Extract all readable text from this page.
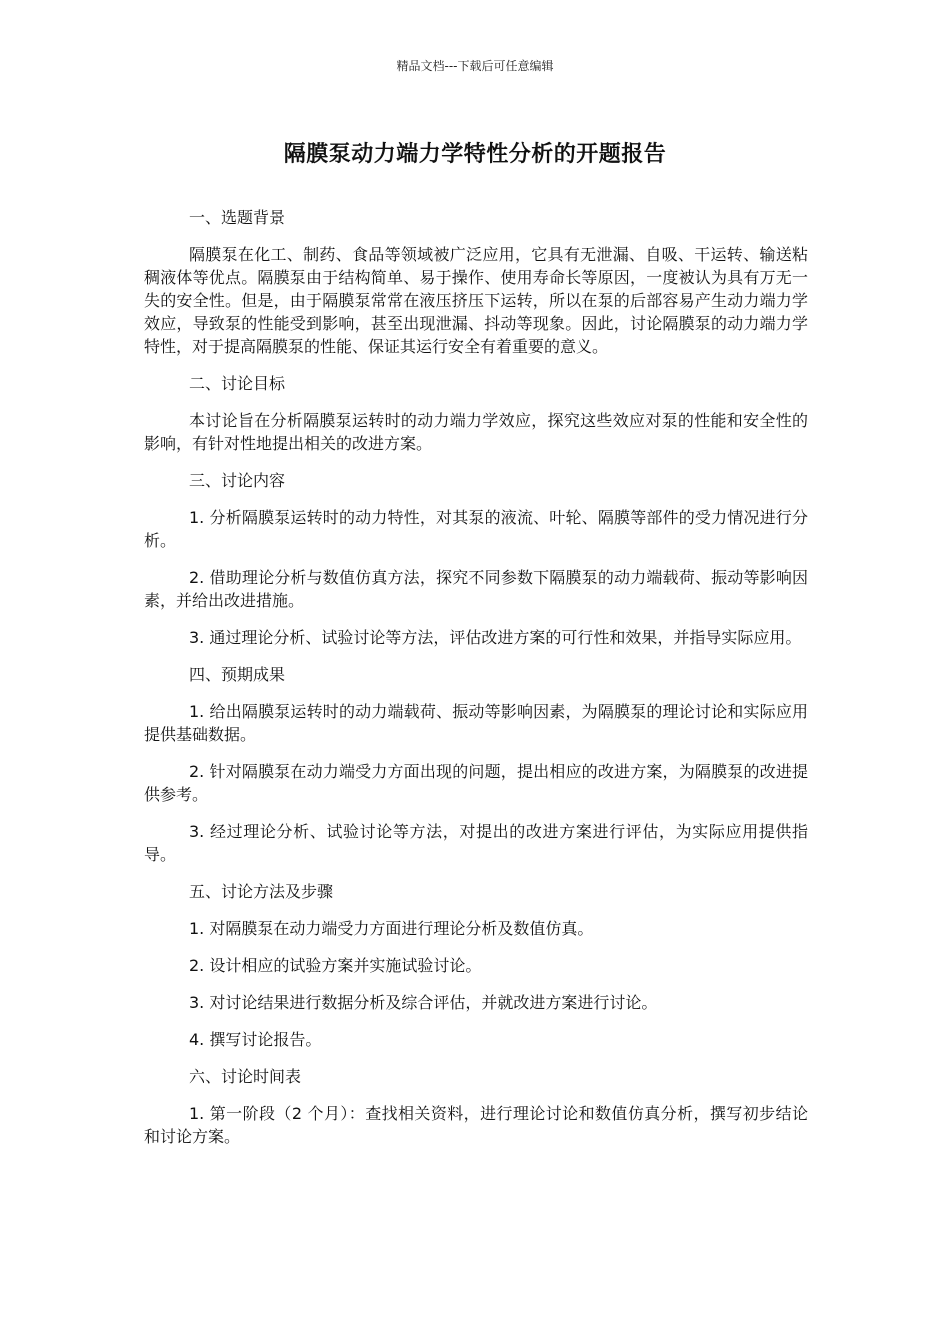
精品文档---下载后可任意编辑
隔膜泵动力端力学特性分析的开题报告

一、选题背景

隔膜泵在化工、制药、食品等领域被广泛应用，它具有无泄漏、自吸、干运转、输送粘稠液体等优点。隔膜泵由于结构简单、易于操作、使用寿命长等原因，一度被认为具有万无一失的安全性。但是，由于隔膜泵常常在液压挤压下运转，所以在泵的后部容易产生动力端力学效应，导致泵的性能受到影响，甚至出现泄漏、抖动等现象。因此，讨论隔膜泵的动力端力学特性，对于提高隔膜泵的性能、保证其运行安全有着重要的意义。

二、讨论目标

本讨论旨在分析隔膜泵运转时的动力端力学效应，探究这些效应对泵的性能和安全性的影响，有针对性地提出相关的改进方案。

三、讨论内容

1. 分析隔膜泵运转时的动力特性，对其泵的液流、叶轮、隔膜等部件的受力情况进行分析。

2. 借助理论分析与数值仿真方法，探究不同参数下隔膜泵的动力端载荷、振动等影响因素，并给出改进措施。

3. 通过理论分析、试验讨论等方法，评估改进方案的可行性和效果，并指导实际应用。

四、预期成果

1. 给出隔膜泵运转时的动力端载荷、振动等影响因素，为隔膜泵的理论讨论和实际应用提供基础数据。

2. 针对隔膜泵在动力端受力方面出现的问题，提出相应的改进方案，为隔膜泵的改进提供参考。

3. 经过理论分析、试验讨论等方法，对提出的改进方案进行评估，为实际应用提供指导。

五、讨论方法及步骤

1. 对隔膜泵在动力端受力方面进行理论分析及数值仿真。

2. 设计相应的试验方案并实施试验讨论。

3. 对讨论结果进行数据分析及综合评估，并就改进方案进行讨论。

4. 撰写讨论报告。

六、讨论时间表

1. 第一阶段（2 个月）：查找相关资料，进行理论讨论和数值仿真分析，撰写初步结论和讨论方案。
